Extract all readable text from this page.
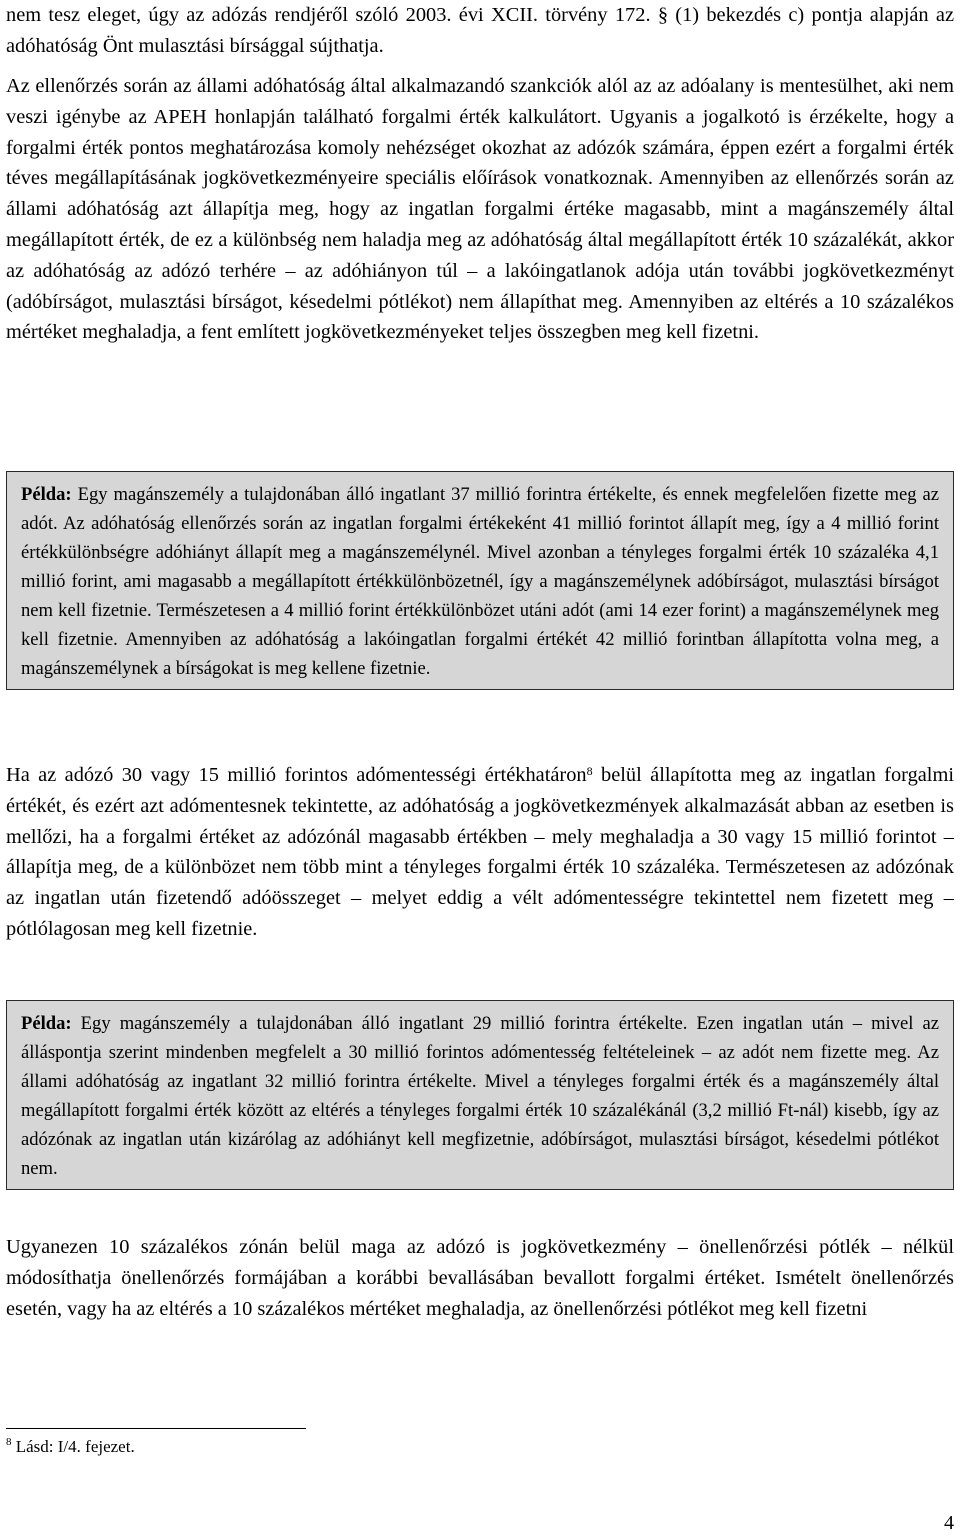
nem tesz eleget, úgy az adózás rendjéről szóló 2003. évi XCII. törvény 172. § (1) bekezdés c) pontja alapján az adóhatóság Önt mulasztási bírsággal sújthatja.

Az ellenőrzés során az állami adóhatóság által alkalmazandó szankciók alól az az adóalany is mentesülhet, aki nem veszi igénybe az APEH honlapján található forgalmi érték kalkulátort. Ugyanis a jogalkotó is érzékelte, hogy a forgalmi érték pontos meghatározása komoly nehézséget okozhat az adózók számára, éppen ezért a forgalmi érték téves megállapításának jogkövetkezményeire speciális előírások vonatkoznak. Amennyiben az ellenőrzés során az állami adóhatóság azt állapítja meg, hogy az ingatlan forgalmi értéke magasabb, mint a magánszemély által megállapított érték, de ez a különbség nem haladja meg az adóhatóság által megállapított érték 10 százalékát, akkor az adóhatóság az adózó terhére – az adóhiányon túl – a lakóingatlanok adója után további jogkövetkezményt (adóbírságot, mulasztási bírságot, késedelmi pótlékot) nem állapíthat meg. Amennyiben az eltérés a 10 százalékos mértéket meghaladja, a fent említett jogkövetkezményeket teljes összegben meg kell fizetni.

Példa: Egy magánszemély a tulajdonában álló ingatlant 37 millió forintra értékelte, és ennek megfelelően fizette meg az adót. Az adóhatóság ellenőrzés során az ingatlan forgalmi értékeként 41 millió forintot állapít meg, így a 4 millió forint értékkülönbségre adóhiányt állapít meg a magánszemélynél. Mivel azonban a tényleges forgalmi érték 10 százaléka 4,1 millió forint, ami magasabb a megállapított értékkülönbözetnél, így a magánszemélynek adóbírságot, mulasztási bírságot nem kell fizetnie. Természetesen a 4 millió forint értékkülönbözet utáni adót (ami 14 ezer forint) a magánszemélynek meg kell fizetnie. Amennyiben az adóhatóság a lakóingatlan forgalmi értékét 42 millió forintban állapította volna meg, a magánszemélynek a bírságokat is meg kellene fizetnie.

Ha az adózó 30 vagy 15 millió forintos adómentességi értékhatáron$^8$ belül állapította meg az ingatlan forgalmi értékét, és ezért azt adómentesnek tekintette, az adóhatóság a jogkövetkezmények alkalmazását abban az esetben is mellőzi, ha a forgalmi értéket az adózónál magasabb értékben – mely meghaladja a 30 vagy 15 millió forintot – állapítja meg, de a különbözet nem több mint a tényleges forgalmi érték 10 százaléka. Természetesen az adózónak az ingatlan után fizetendő adóösszeget – melyet eddig a vélt adómentességre tekintettel nem fizetett meg – pótlólagosan meg kell fizetnie.

Példa: Egy magánszemély a tulajdonában álló ingatlant 29 millió forintra értékelte. Ezen ingatlan után – mivel az álláspontja szerint mindenben megfelelt a 30 millió forintos adómentesség feltételeinek – az adót nem fizette meg. Az állami adóhatóság az ingatlant 32 millió forintra értékelte. Mivel a tényleges forgalmi érték és a magánszemély által megállapított forgalmi érték között az eltérés a tényleges forgalmi érték 10 százalékánál (3,2 millió Ft-nál) kisebb, így az adózónak az ingatlan után kizárólag az adóhiányt kell megfizetnie, adóbírságot, mulasztási bírságot, késedelmi pótlékot nem.

Ugyanezen 10 százalékos zónán belül maga az adózó is jogkövetkezmény – önellenőrzési pótlék – nélkül módosíthatja önellenőrzés formájában a korábbi bevallásában bevallott forgalmi értéket. Ismételt önellenőrzés esetén, vagy ha az eltérés a 10 százalékos mértéket meghaladja, az önellenőrzési pótlékot meg kell fizetni

$^8$ Lásd: I/4. fejezet.
4
